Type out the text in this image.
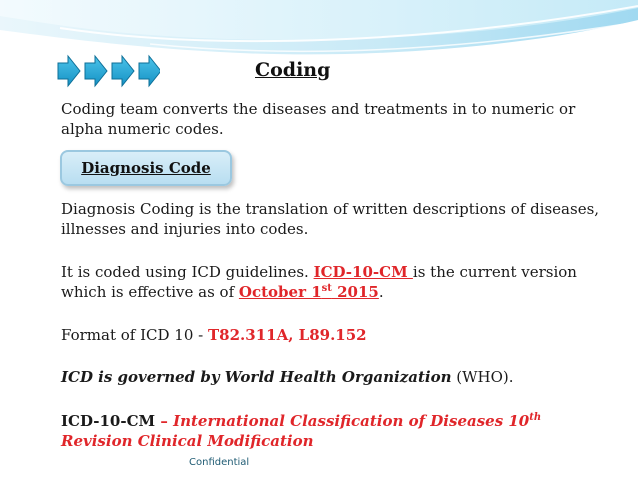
Coding
Coding team converts the diseases and treatments in to numeric or alpha numeric codes.
Diagnosis Code
Diagnosis Coding is the translation of written descriptions of diseases, illnesses and injuries into codes.
It is coded using ICD guidelines. ICD-10-CM is the current version which is effective as of October 1st 2015.
Format of ICD 10 - T82.311A, L89.152
ICD is governed by World Health Organization (WHO).
ICD-10-CM – International Classification of Diseases 10th
Revision Clinical Modification
Confidential
